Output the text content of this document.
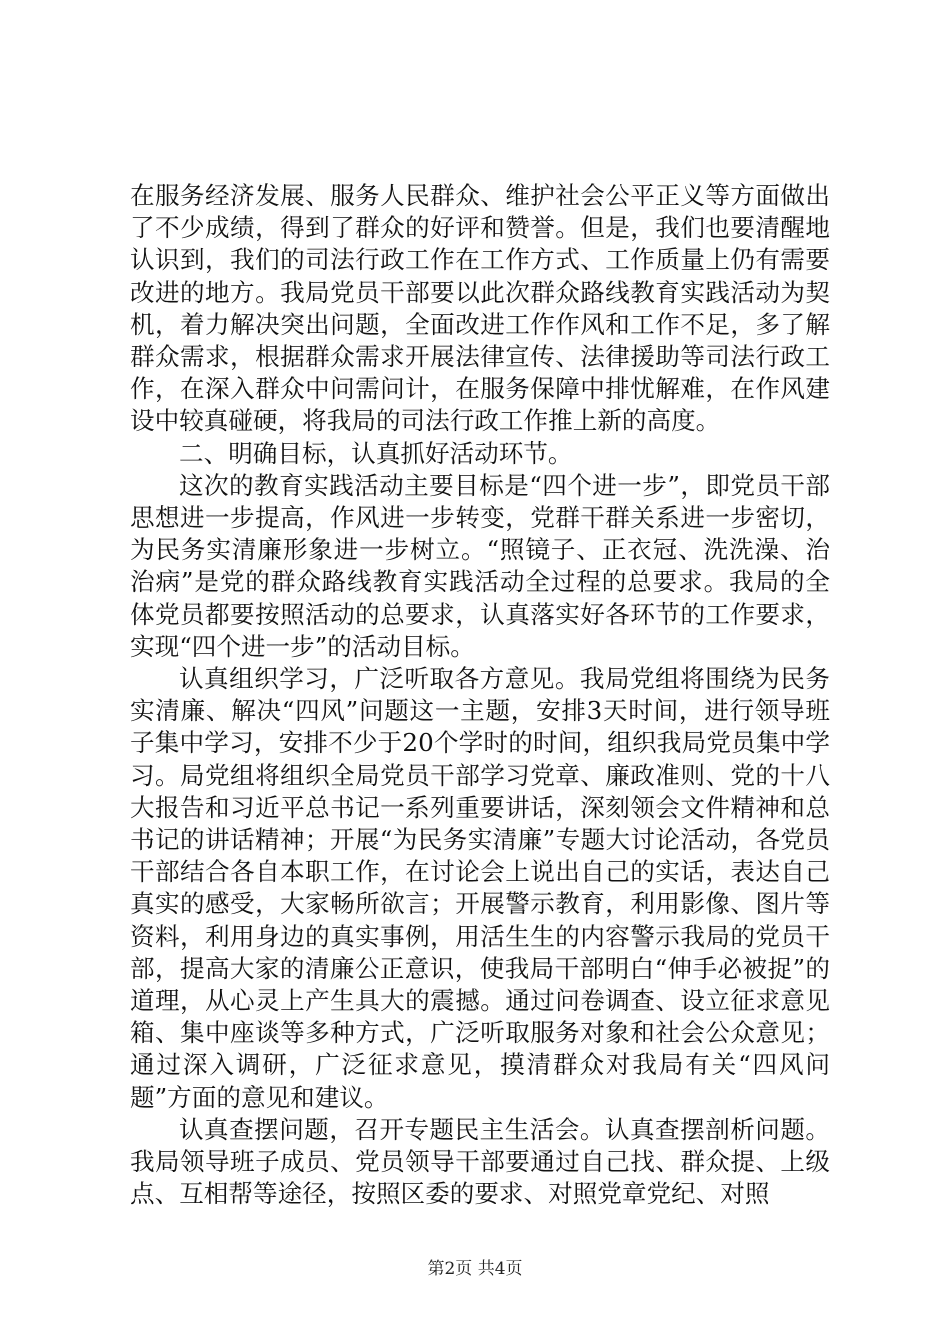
在服务经济发展、服务人民群众、维护社会公平正义等方面做出了不少成绩，得到了群众的好评和赞誉。但是，我们也要清醒地认识到，我们的司法行政工作在工作方式、工作质量上仍有需要改进的地方。我局党员干部要以此次群众路线教育实践活动为契机，着力解决突出问题，全面改进工作作风和工作不足，多了解群众需求，根据群众需求开展法律宣传、法律援助等司法行政工作，在深入群众中问需问计，在服务保障中排忧解难，在作风建设中较真碰硬，将我局的司法行政工作推上新的高度。

二、明确目标，认真抓好活动环节。

这次的教育实践活动主要目标是“四个进一步”，即党员干部思想进一步提高，作风进一步转变，党群干群关系进一步密切，为民务实清廉形象进一步树立。“照镜子、正衣冠、洗洗澡、治治病”是党的群众路线教育实践活动全过程的总要求。我局的全体党员都要按照活动的总要求，认真落实好各环节的工作要求，实现“四个进一步”的活动目标。

认真组织学习，广泛听取各方意见。我局党组将围绕为民务实清廉、解决“四风”问题这一主题，安排3天时间，进行领导班子集中学习，安排不少于20个学时的时间，组织我局党员集中学习。局党组将组织全局党员干部学习党章、廉政准则、党的十八大报告和习近平总书记一系列重要讲话，深刻领会文件精神和总书记的讲话精神；开展“为民务实清廉”专题大讨论活动，各党员干部结合各自本职工作，在讨论会上说出自己的实话，表达自己真实的感受，大家畅所欲言；开展警示教育，利用影像、图片等资料，利用身边的真实事例，用活生生的内容警示我局的党员干部，提高大家的清廉公正意识，使我局干部明白“伸手必被捉”的道理，从心灵上产生具大的震撼。通过问卷调查、设立征求意见箱、集中座谈等多种方式，广泛听取服务对象和社会公众意见；通过深入调研，广泛征求意见，摸清群众对我局有关“四风问题”方面的意见和建议。

认真查摆问题，召开专题民主生活会。认真查摆剖析问题。我局领导班子成员、党员领导干部要通过自己找、群众提、上级点、互相帮等途径，按照区委的要求、对照党章党纪、对照

第2页 共4页
